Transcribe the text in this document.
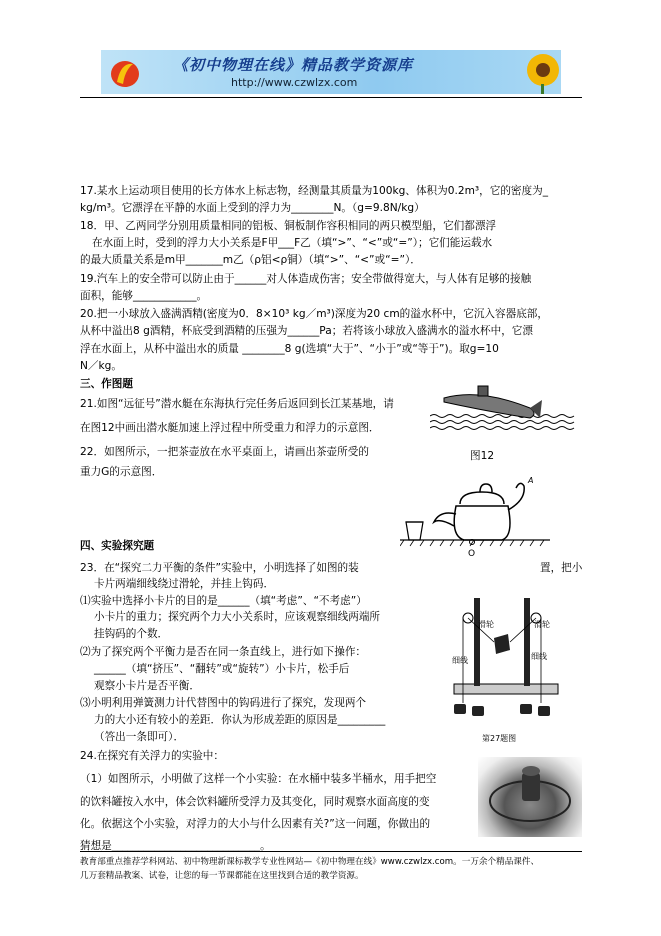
《初中物理在线》精品教学资源库
http://www.czwlzx.com
17.某水上运动项目使用的长方体水上标志物，经测量其质量为100kg、体积为0.2m³，它的密度为_
kg/m³。它漂浮在平静的水面上受到的浮力为________N。（g=9.8N/kg）
18．甲、乙两同学分别用质量相同的铝板、铜板制作容积相同的两只模型船，它们都漂浮
在水面上时，受到的浮力大小关系是F甲___F乙（填“>”、“<”或“=”）；它们能运载水
的最大质量关系是m甲_______m乙（ρ铝<ρ铜）（填“>”、“<”或“=”）．
19.汽车上的安全带可以防止由于______对人体造成伤害；安全带做得宽大，与人体有足够的接触
面积，能够____________。
20.把一小球放入盛满酒精(密度为0．8×10³ kg／m³)深度为20 cm的溢水杯中，它沉入容器底部，
从杯中溢出8 g酒精，杯底受到酒精的压强为______Pa；若将该小球放入盛满水的溢水杯中，它漂
浮在水面上，从杯中溢出水的质量 ________8 g(选填“大于”、“小于”或“等于”)。取g=10
N／kg。
三、作图题
21.如图“远征号”潜水艇在东海执行完任务后返回到长江某基地，请
在图12中画出潜水艇加速上浮过程中所受重力和浮力的示意图．
22．如图所示，一把茶壶放在水平桌面上，请画出茶壶所受的
重力G的示意图．
四、实验探究题
23．在“探究二力平衡的条件”实验中，小明选择了如图的装	置，把小
卡片两端细线绕过滑轮，并挂上钩码．
⑴实验中选择小卡片的目的是______（填“考虑”、“不考虑”）
小卡片的重力；探究两个力大小关系时，应该观察细线两端所
挂钩码的个数．
⑵为了探究两个平衡力是否在同一条直线上，进行如下操作：
______（填“挤压”、“翻转”或“旋转”）小卡片，松手后
观察小卡片是否平衡．
⑶小明利用弹簧测力计代替图中的钩码进行了探究，发现两个
力的大小还有较小的差距．你认为形成差距的原因是_________
（答出一条即可）．
24.在探究有关浮力的实验中：
（1）如图所示，小明做了这样一个小实验：在水桶中装多半桶水，用手把空
的饮料罐按入水中，体会饮料罐所受浮力及其变化，同时观察水面高度的变
化。依据这个小实验，对浮力的大小与什么因素有关?”这一问题，你做出的
猜想是____________________________。
图12
O
A
滑轮	滑轮
细线	细线
第27题图
教育部重点推荐学科网站、初中物理新课标教学专业性网站—《初中物理在线》www.czwlzx.com。一万余个精品课件、
几万套精品教案、试卷，让您的每一节课都能在这里找到合适的教学资源。
